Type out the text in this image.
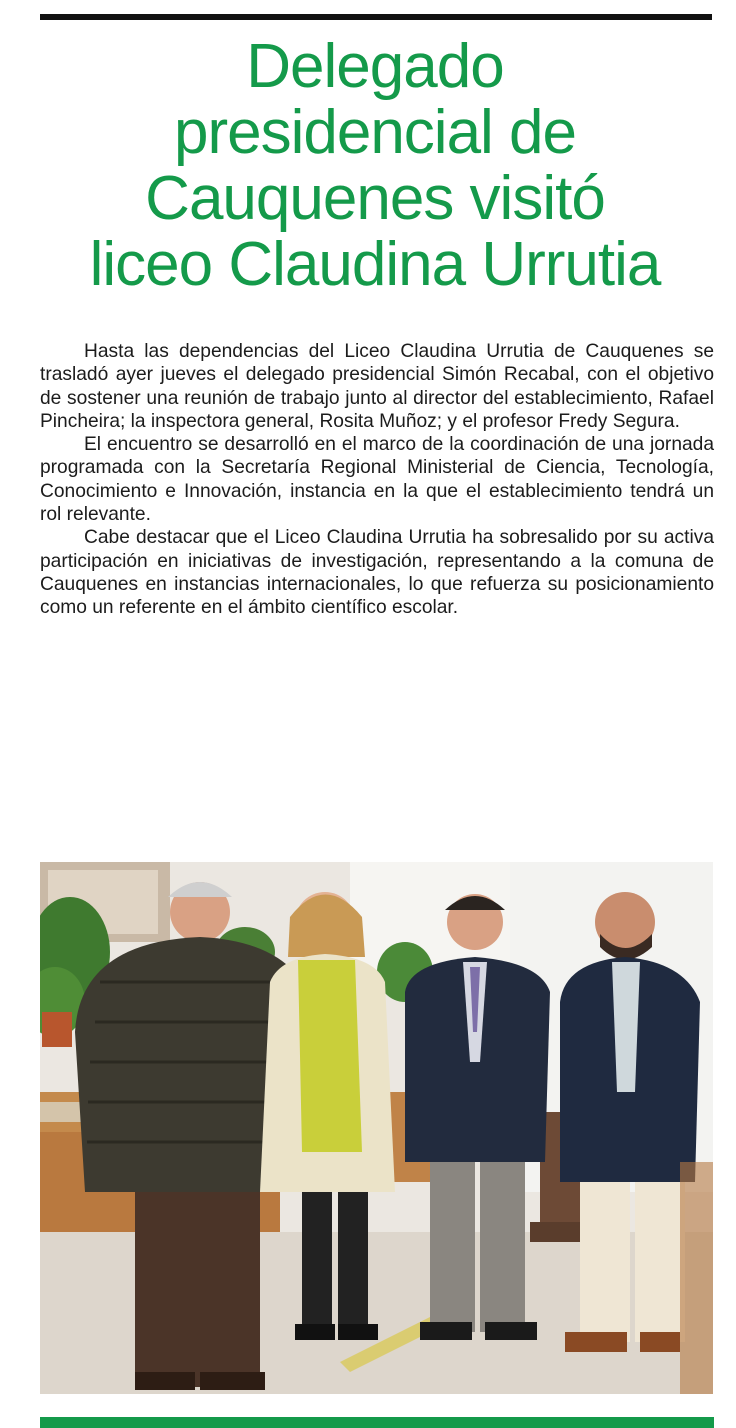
Delegado
presidencial de
Cauquenes visitó
liceo Claudina Urrutia

Hasta las dependencias del Liceo Claudina Urrutia de Cauquenes se trasladó ayer jueves el delegado presidencial Simón Recabal, con el objetivo de sostener una reunión de trabajo junto al director del establecimiento, Rafael Pincheira; la inspectora general, Rosita Muñoz; y el profesor Fredy Segura.

El encuentro se desarrolló en el marco de la coordinación de una jornada programada con la Secretaría Regional Ministerial de Ciencia, Tecnología, Conocimiento e Innovación, instancia en la que el establecimiento tendrá un rol relevante.

Cabe destacar que el Liceo Claudina Urrutia ha sobresalido por su activa participación en iniciativas de investigación, representando a la comuna de Cauquenes en instancias internacionales, lo que refuerza su posicionamiento como un referente en el ámbito científico escolar.
